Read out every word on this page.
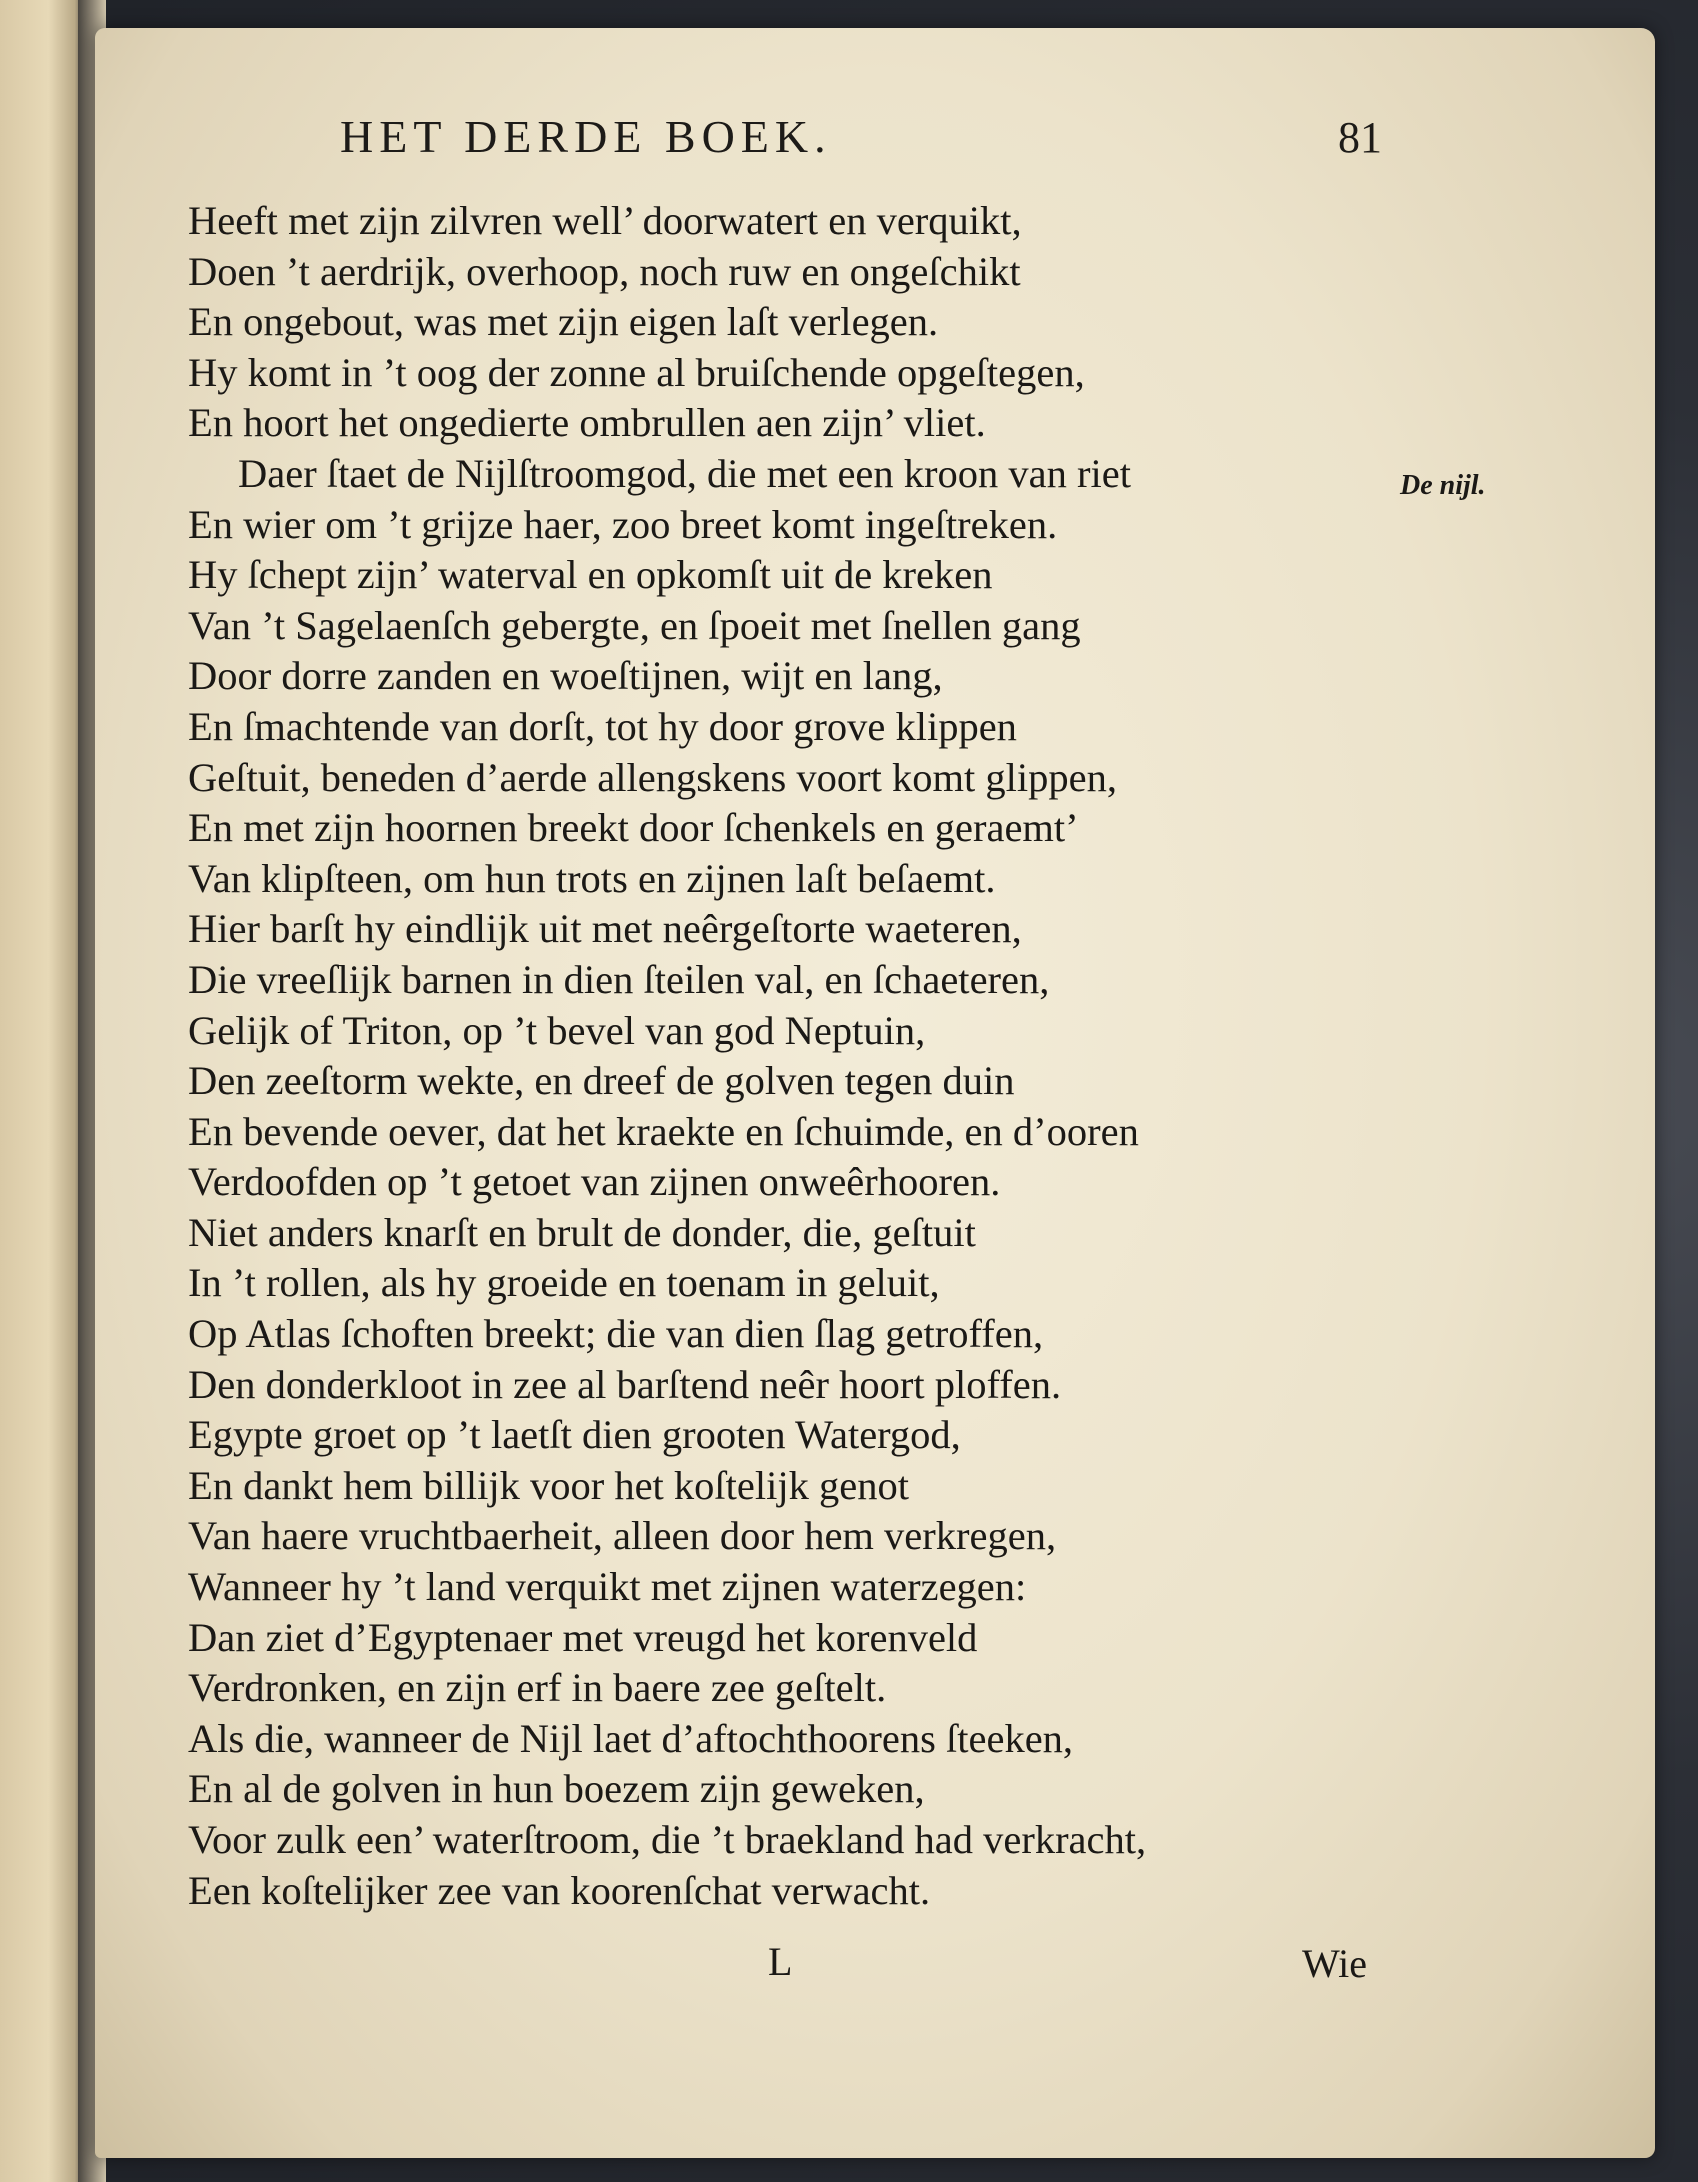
HET DERDE BOEK.	81
Heeft met zijn zilvren well’ doorwatert en verquikt,
Doen ’t aerdrijk, overhoop, noch ruw en ongeſchikt
En ongebout, was met zijn eigen laſt verlegen.
Hy komt in ’t oog der zonne al bruiſchende opgeſtegen,
En hoort het ongedierte ombrullen aen zijn’ vliet.
Daer ſtaet de Nijlſtroomgod, die met een kroon van riet
En wier om ’t grijze haer, zoo breet komt ingeſtreken.
Hy ſchept zijn’ waterval en opkomſt uit de kreken
Van ’t Sagelaenſch gebergte, en ſpoeit met ſnellen gang
Door dorre zanden en woeſtijnen, wijt en lang,
En ſmachtende van dorſt, tot hy door grove klippen
Geſtuit, beneden d’aerde allengskens voort komt glippen,
En met zijn hoornen breekt door ſchenkels en geraemt’
Van klipſteen, om hun trots en zijnen laſt beſaemt.
Hier barſt hy eindlijk uit met neêrgeſtorte waeteren,
Die vreeſlijk barnen in dien ſteilen val, en ſchaeteren,
Gelijk of Triton, op ’t bevel van god Neptuin,
Den zeeſtorm wekte, en dreef de golven tegen duin
En bevende oever, dat het kraekte en ſchuimde, en d’ooren
Verdoofden op ’t getoet van zijnen onweêrhooren.
Niet anders knarſt en brult de donder, die, geſtuit
In ’t rollen, als hy groeide en toenam in geluit,
Op Atlas ſchoften breekt; die van dien ſlag getroffen,
Den donderkloot in zee al barſtend neêr hoort ploffen.
Egypte groet op ’t laetſt dien grooten Watergod,
En dankt hem billijk voor het koſtelijk genot
Van haere vruchtbaerheit, alleen door hem verkregen,
Wanneer hy ’t land verquikt met zijnen waterzegen:
Dan ziet d’Egyptenaer met vreugd het korenveld
Verdronken, en zijn erf in baere zee geſtelt.
Als die, wanneer de Nijl laet d’aftochthoorens ſteeken,
En al de golven in hun boezem zijn geweken,
Voor zulk een’ waterſtroom, die ’t braekland had verkracht,
Een koſtelijker zee van koorenſchat verwacht.
De nijl.
L	Wie
